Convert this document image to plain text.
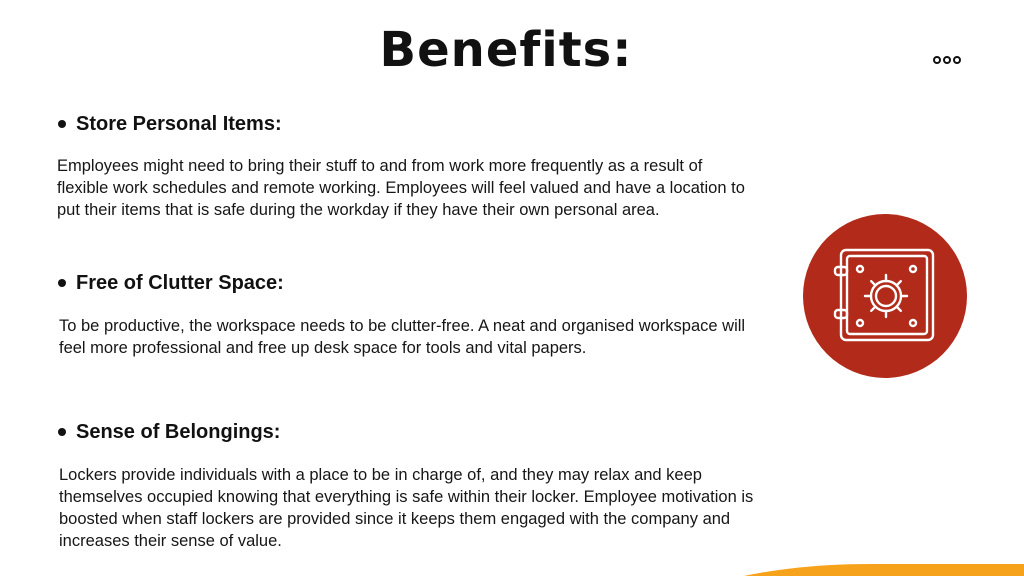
Benefits:
Store Personal Items:
Employees might need to bring their stuff to and from work more frequently as a result of flexible work schedules and remote working. Employees will feel valued and have a location to put their items that is safe during the workday if they have their own personal area.
Free of Clutter Space:
To be productive, the workspace needs to be clutter-free. A neat and organised workspace will feel more professional and free up desk space for tools and vital papers.
Sense of Belongings:
Lockers provide individuals with a place to be in charge of, and they may relax and keep themselves occupied knowing that everything is safe within their locker. Employee motivation is boosted when staff lockers are provided since it keeps them engaged with the company and increases their sense of value.
